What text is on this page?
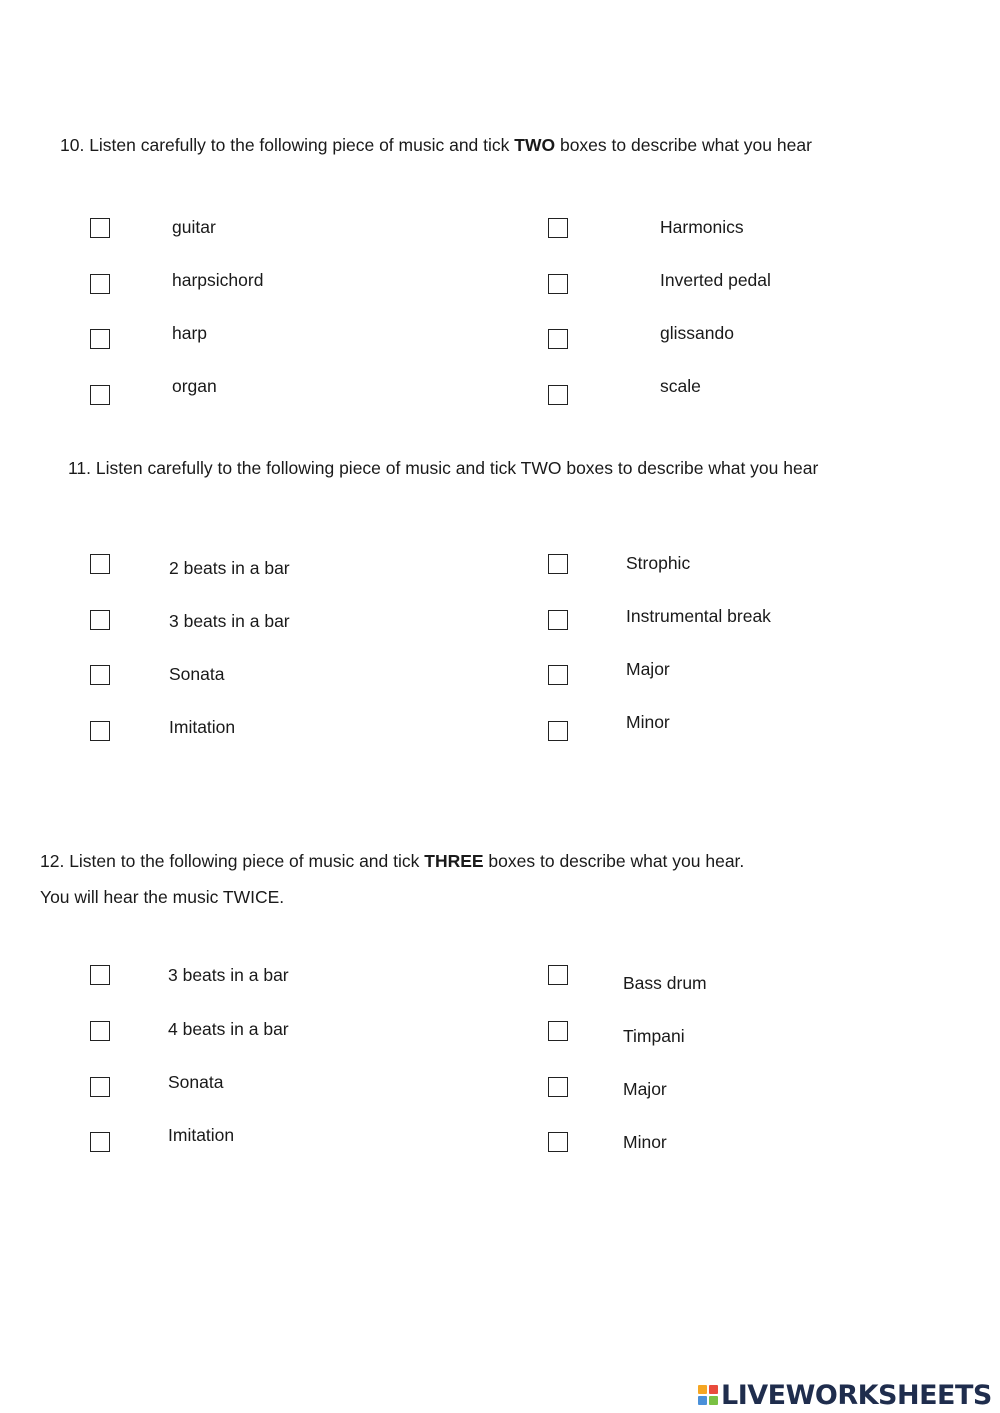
10. Listen carefully to the following piece of music and tick TWO boxes to describe what you hear

guitar
harpsichord
harp
organ
Harmonics
Inverted pedal
glissando
scale

11. Listen carefully to the following piece of music and tick TWO boxes to describe what you hear

2 beats in a bar
3 beats in a bar
Sonata
Imitation
Strophic
Instrumental break
Major
Minor

12. Listen to the following piece of music and tick THREE boxes to describe what you hear.

You will hear the music TWICE.

3 beats in a bar
4 beats in a bar
Sonata
Imitation
Bass drum
Timpani
Major
Minor
LIVEWORKSHEETS
